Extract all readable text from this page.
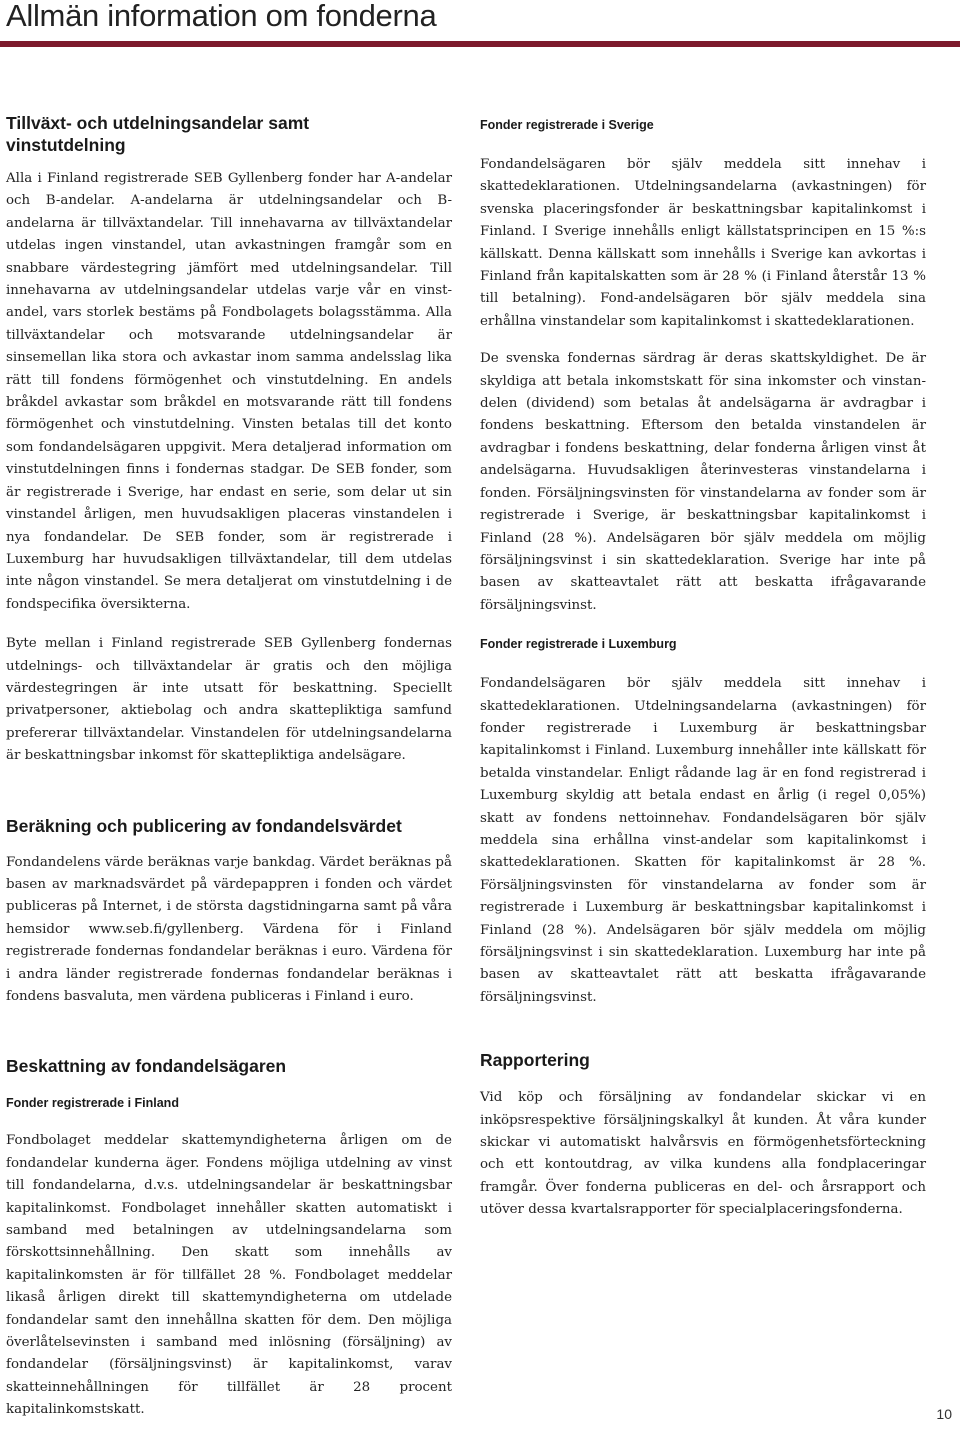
Allmän information om fonderna
Tillväxt- och utdelningsandelar samt vinstutdelning

Alla i Finland registrerade SEB Gyllenberg fonder har A-andelar och B-andelar. A-andelarna är utdelningsandelar och B-andelarna är tillväxtandelar. Till innehavarna av tillväxtandelar utdelas ingen vinstandel, utan avkastningen framgår som en snabbare värdestegring jämfört med utdelningsandelar. Till innehavarna av utdelningsandelar utdelas varje vår en vinst-andel, vars storlek bestäms på Fondbolagets bolagsstämma. Alla tillväxtandelar och motsvarande utdelningsandelar är sinsemellan lika stora och avkastar inom samma andelsslag lika rätt till fondens förmögenhet och vinstutdelning. En andels bråkdel avkastar som bråkdel en motsvarande rätt till fondens förmögenhet och vinstutdelning. Vinsten betalas till det konto som fondandelsägaren uppgivit. Mera detaljerad information om vinstutdelningen finns i fondernas stadgar. De SEB fonder, som är registrerade i Sverige, har endast en serie, som delar ut sin vinstandel årligen, men huvudsakligen placeras vinstandelen i nya fondandelar. De SEB fonder, som är registrerade i Luxemburg har huvudsakligen tillväxtandelar, till dem utdelas inte någon vinstandel. Se mera detaljerat om vinstutdelning i de fondspecifika översikterna.

Byte mellan i Finland registrerade SEB Gyllenberg fondernas utdelnings- och tillväxtandelar är gratis och den möjliga värdestegringen är inte utsatt för beskattning. Speciellt privatpersoner, aktiebolag och andra skattepliktiga samfund prefererar tillväxtandelar. Vinstandelen för utdelningsandelarna är beskattningsbar inkomst för skattepliktiga andelsägare.

Beräkning och publicering av fondandelsvärdet

Fondandelens värde beräknas varje bankdag. Värdet beräknas på basen av marknadsvärdet på värdepappren i fonden och värdet publiceras på Internet, i de största dagstidningarna samt på våra hemsidor www.seb.fi/gyllenberg. Värdena för i Finland registrerade fondernas fondandelar beräknas i euro. Värdena för i andra länder registrerade fondernas fondandelar beräknas i fondens basvaluta, men värdena publiceras i Finland i euro.

Beskattning av fondandelsägaren
Fonder registrerade i Finland

Fondbolaget meddelar skattemyndigheterna årligen om de fondandelar kunderna äger. Fondens möjliga utdelning av vinst till fondandelarna, d.v.s. utdelningsandelar är beskattningsbar kapitalinkomst. Fondbolaget innehåller skatten automatiskt i samband med betalningen av utdelningsandelarna som förskottsinnehållning. Den skatt som innehålls av kapitalinkomsten är för tillfället 28 %. Fondbolaget meddelar likaså årligen direkt till skattemyndigheterna om utdelade fondandelar samt den innehållna skatten för dem. Den möjliga överlåtelsevinsten i samband med inlösning (försäljning) av fondandelar (försäljningsvinst) är kapitalinkomst, varav skatteinnehållningen för tillfället är 28 procent kapitalinkomstskatt.

Fonder registrerade i Sverige

Fondandelsägaren bör själv meddela sitt innehav i skattedeklarationen. Utdelningsandelarna (avkastningen) för svenska placeringsfonder är beskattningsbar kapitalinkomst i Finland. I Sverige innehålls enligt källstatsprincipen en 15 %:s källskatt. Denna källskatt som innehålls i Sverige kan avkortas i Finland från kapitalskatten som är 28 % (i Finland återstår 13 % till betalning). Fond-andelsägaren bör själv meddela sina erhållna vinstandelar som kapitalinkomst i skattedeklarationen.

De svenska fondernas särdrag är deras skattskyldighet. De är skyldiga att betala inkomstskatt för sina inkomster och vinstan-delen (dividend) som betalas åt andelsägarna är avdragbar i fondens beskattning. Eftersom den betalda vinstandelen är avdragbar i fondens beskattning, delar fonderna årligen vinst åt andelsägarna. Huvudsakligen återinvesteras vinstandelarna i fonden. Försäljningsvinsten för vinstandelarna av fonder som är registrerade i Sverige, är beskattningsbar kapitalinkomst i Finland (28 %). Andelsägaren bör själv meddela om möjlig försäljningsvinst i sin skattedeklaration. Sverige har inte på basen av skatteavtalet rätt att beskatta ifrågavarande försäljningsvinst.

Fonder registrerade i Luxemburg

Fondandelsägaren bör själv meddela sitt innehav i skattedeklarationen. Utdelningsandelarna (avkastningen) för fonder registrerade i Luxemburg är beskattningsbar kapitalinkomst i Finland. Luxemburg innehåller inte källskatt för betalda vinstandelar. Enligt rådande lag är en fond registrerad i Luxemburg skyldig att betala endast en årlig (i regel 0,05%) skatt av fondens nettoinnehav. Fondandelsägaren bör själv meddela sina erhållna vinst-andelar som kapitalinkomst i skattedeklarationen. Skatten för kapitalinkomst är 28 %. Försäljningsvinsten för vinstandelarna av fonder som är registrerade i Luxemburg är beskattningsbar kapitalinkomst i Finland (28 %). Andelsägaren bör själv meddela om möjlig försäljningsvinst i sin skattedeklaration. Luxemburg har inte på basen av skatteavtalet rätt att beskatta ifrågavarande försäljningsvinst.

Rapportering

Vid köp och försäljning av fondandelar skickar vi en inköpsrespektive försäljningskalkyl åt kunden. Åt våra kunder skickar vi automatiskt halvårsvis en förmögenhetsförteckning och ett kontoutdrag, av vilka kundens alla fondplaceringar framgår. Över fonderna publiceras en del- och årsrapport och utöver dessa kvartalsrapporter för specialplaceringsfonderna.

10
